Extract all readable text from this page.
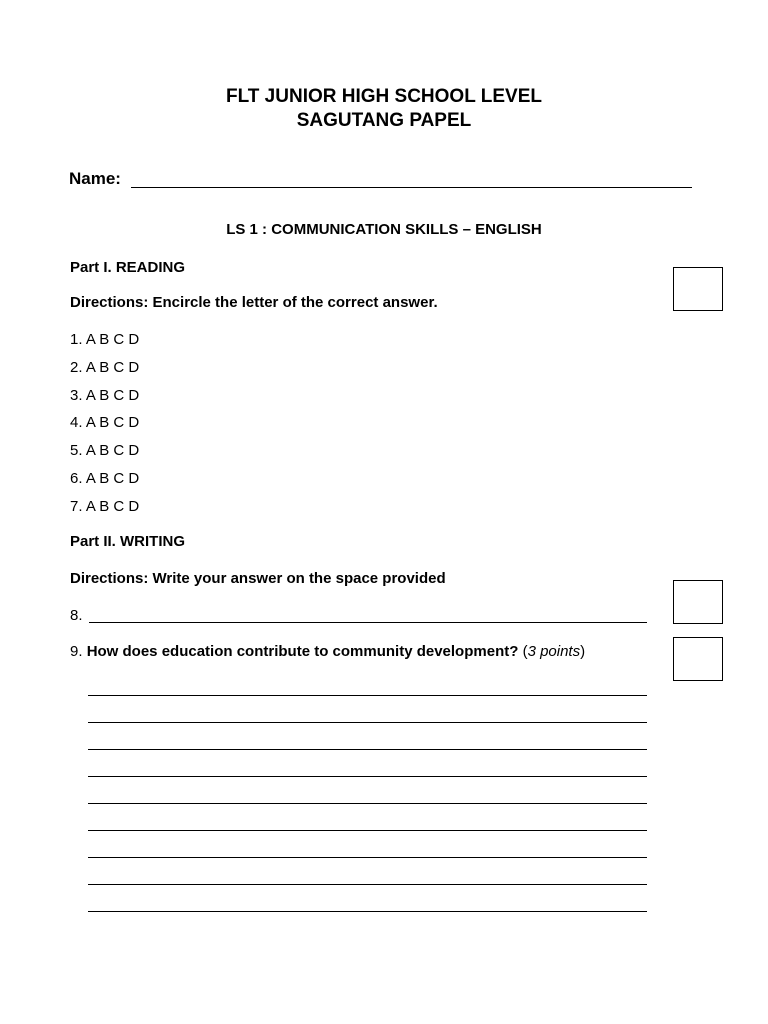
FLT JUNIOR HIGH SCHOOL LEVEL
SAGUTANG PAPEL
Name:
LS 1 : COMMUNICATION SKILLS – ENGLISH
Part I. READING
Directions: Encircle the letter of the correct answer.
1. A B C D
2. A B C D
3. A B C D
4. A B C D
5. A B C D
6. A B C D
7. A B C D
Part II. WRITING
Directions: Write your answer on the space provided
8.
9. How does education contribute to community development? (3 points)
